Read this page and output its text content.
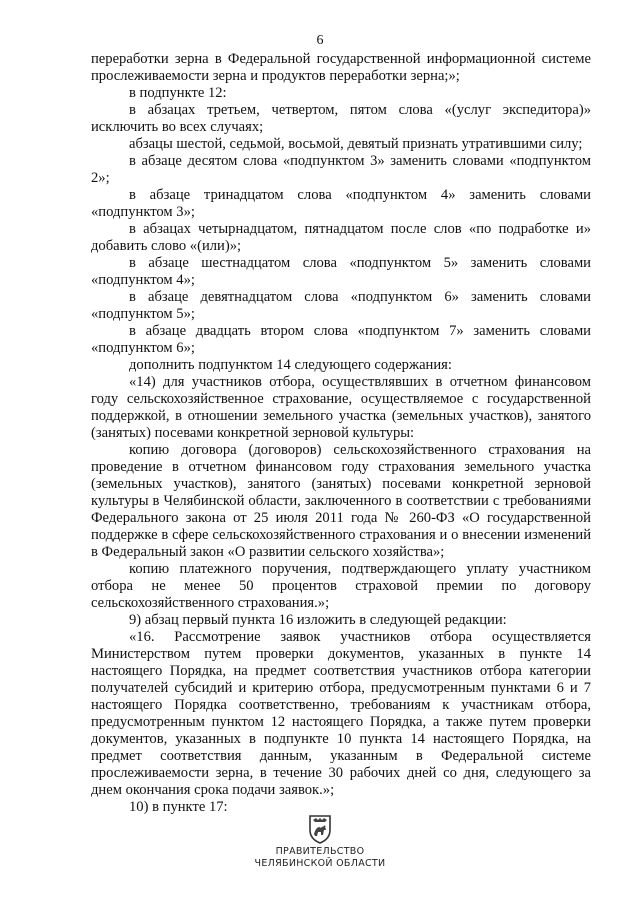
6

переработки зерна в Федеральной государственной информационной системе прослеживаемости зерна и продуктов переработки зерна;»;

в подпункте 12:

в абзацах третьем, четвертом, пятом слова «(услуг экспедитора)» исключить во всех случаях;

абзацы шестой, седьмой, восьмой, девятый признать утратившими силу;

в абзаце десятом слова «подпунктом 3» заменить словами «подпунктом 2»;

в абзаце тринадцатом слова «подпунктом 4» заменить словами «подпунктом 3»;

в абзацах четырнадцатом, пятнадцатом после слов «по подработке и» добавить слово «(или)»;

в абзаце шестнадцатом слова «подпунктом 5» заменить словами «подпунктом 4»;

в абзаце девятнадцатом слова «подпунктом 6» заменить словами «подпунктом 5»;

в абзаце двадцать втором слова «подпунктом 7» заменить словами «подпунктом 6»;

дополнить подпунктом 14 следующего содержания:

«14) для участников отбора, осуществлявших в отчетном финансовом году сельскохозяйственное страхование, осуществляемое с государственной поддержкой, в отношении земельного участка (земельных участков), занятого (занятых) посевами конкретной зерновой культуры:

копию договора (договоров) сельскохозяйственного страхования на проведение в отчетном финансовом году страхования земельного участка (земельных участков), занятого (занятых) посевами конкретной зерновой культуры в Челябинской области, заключенного в соответствии с требованиями Федерального закона от 25 июля 2011 года № 260-ФЗ «О государственной поддержке в сфере сельскохозяйственного страхования и о внесении изменений в Федеральный закон «О развитии сельского хозяйства»;

копию платежного поручения, подтверждающего уплату участником отбора не менее 50 процентов страховой премии по договору сельскохозяйственного страхования.»;

9) абзац первый пункта 16 изложить в следующей редакции:

«16. Рассмотрение заявок участников отбора осуществляется Министерством путем проверки документов, указанных в пункте 14 настоящего Порядка, на предмет соответствия участников отбора категории получателей субсидий и критерию отбора, предусмотренным пунктами 6 и 7 настоящего Порядка соответственно, требованиям к участникам отбора, предусмотренным пунктом 12 настоящего Порядка, а также путем проверки документов, указанных в подпункте 10 пункта 14 настоящего Порядка, на предмет соответствия данным, указанным в Федеральной системе прослеживаемости зерна, в течение 30 рабочих дней со дня, следующего за днем окончания срока подачи заявок.»;

10) в пункте 17:

ПРАВИТЕЛЬСТВО
ЧЕЛЯБИНСКОЙ ОБЛАСТИ
